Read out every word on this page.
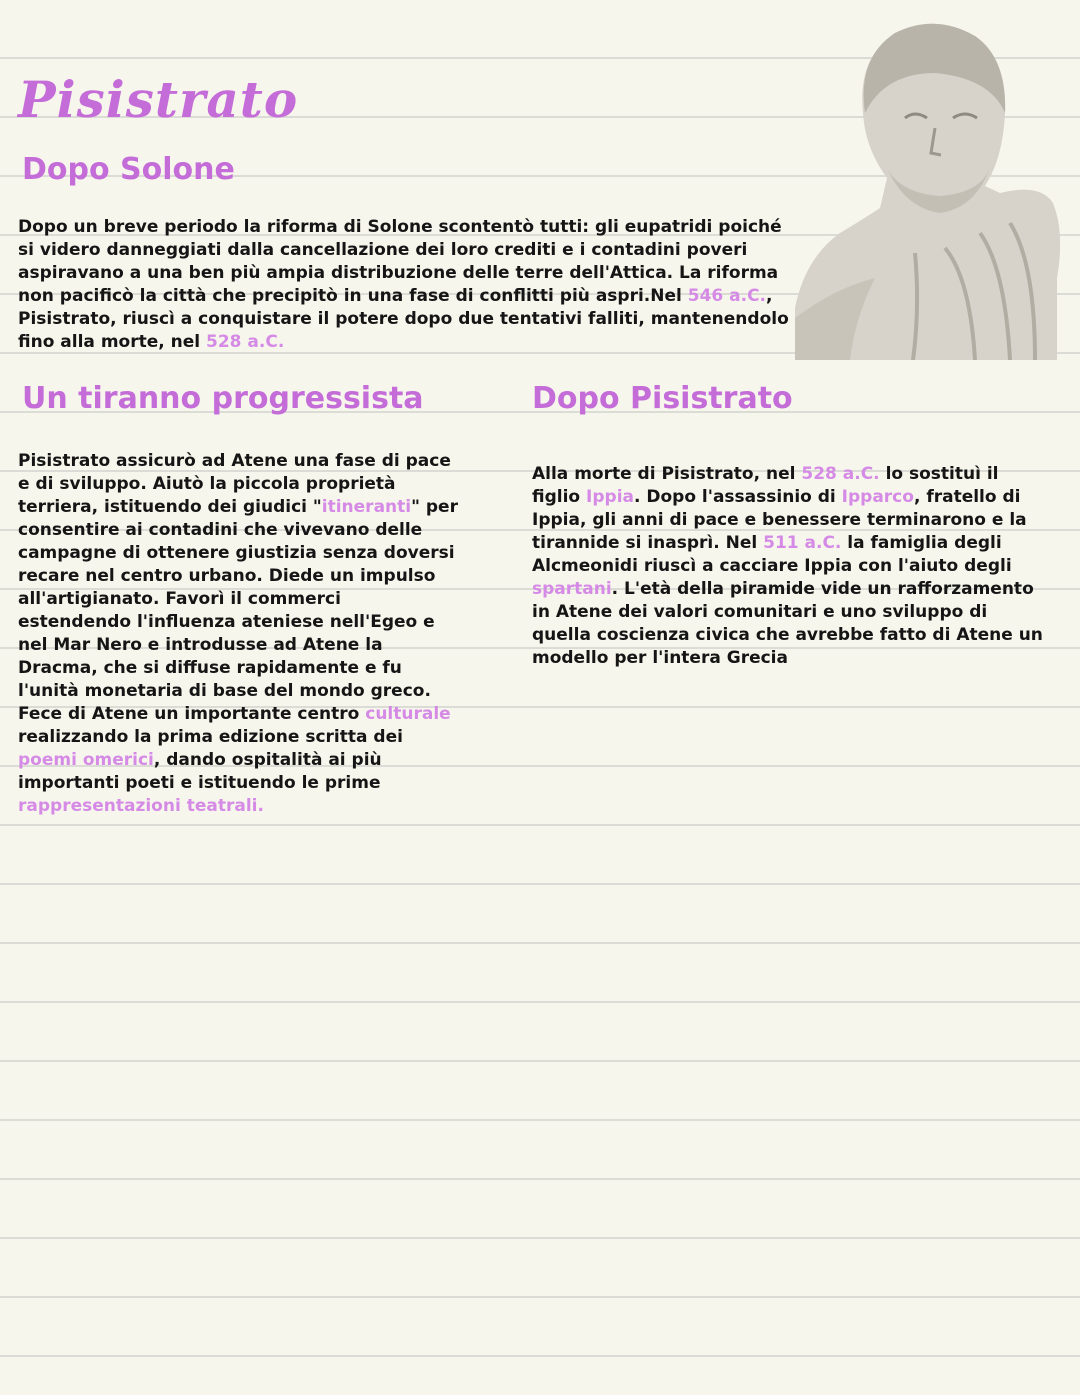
Pisistrato
Dopo Solone

Dopo un breve periodo la riforma di Solone scontentò tutti: gli eupatridi poiché si videro danneggiati dalla cancellazione dei loro crediti e i contadini poveri aspiravano a una ben più ampia distribuzione delle terre dell'Attica. La riforma non pacificò la città che precipitò in una fase di conflitti più aspri.Nel 546 a.C., Pisistrato, riuscì a conquistare il potere dopo due tentativi falliti, mantenendolo fino alla morte, nel 528 a.C.

Un tiranno progressista	Dopo Pisistrato

Pisistrato assicurò ad Atene una fase di pace e di sviluppo. Aiutò la piccola proprietà terriera, istituendo dei giudici "itineranti" per consentire ai contadini che vivevano delle campagne di ottenere giustizia senza doversi recare nel centro urbano. Diede un impulso all'artigianato. Favorì il commerci estendendo l'influenza ateniese nell'Egeo e nel Mar Nero e introdusse ad Atene la Dracma, che si diffuse rapidamente e fu l'unità monetaria di base del mondo greco. Fece di Atene un importante centro culturale realizzando la prima edizione scritta dei poemi omerici, dando ospitalità ai più importanti poeti e istituendo le prime rappresentazioni teatrali.

Alla morte di Pisistrato, nel 528 a.C. lo sostituì il figlio Ippia. Dopo l'assassinio di Ipparco, fratello di Ippia, gli anni di pace e benessere terminarono e la tirannide si inasprì. Nel 511 a.C. la famiglia degli Alcmeonidi riuscì a cacciare Ippia con l'aiuto degli spartani. L'età della piramide vide un rafforzamento in Atene dei valori comunitari e uno sviluppo di quella coscienza civica che avrebbe fatto di Atene un modello per l'intera Grecia
